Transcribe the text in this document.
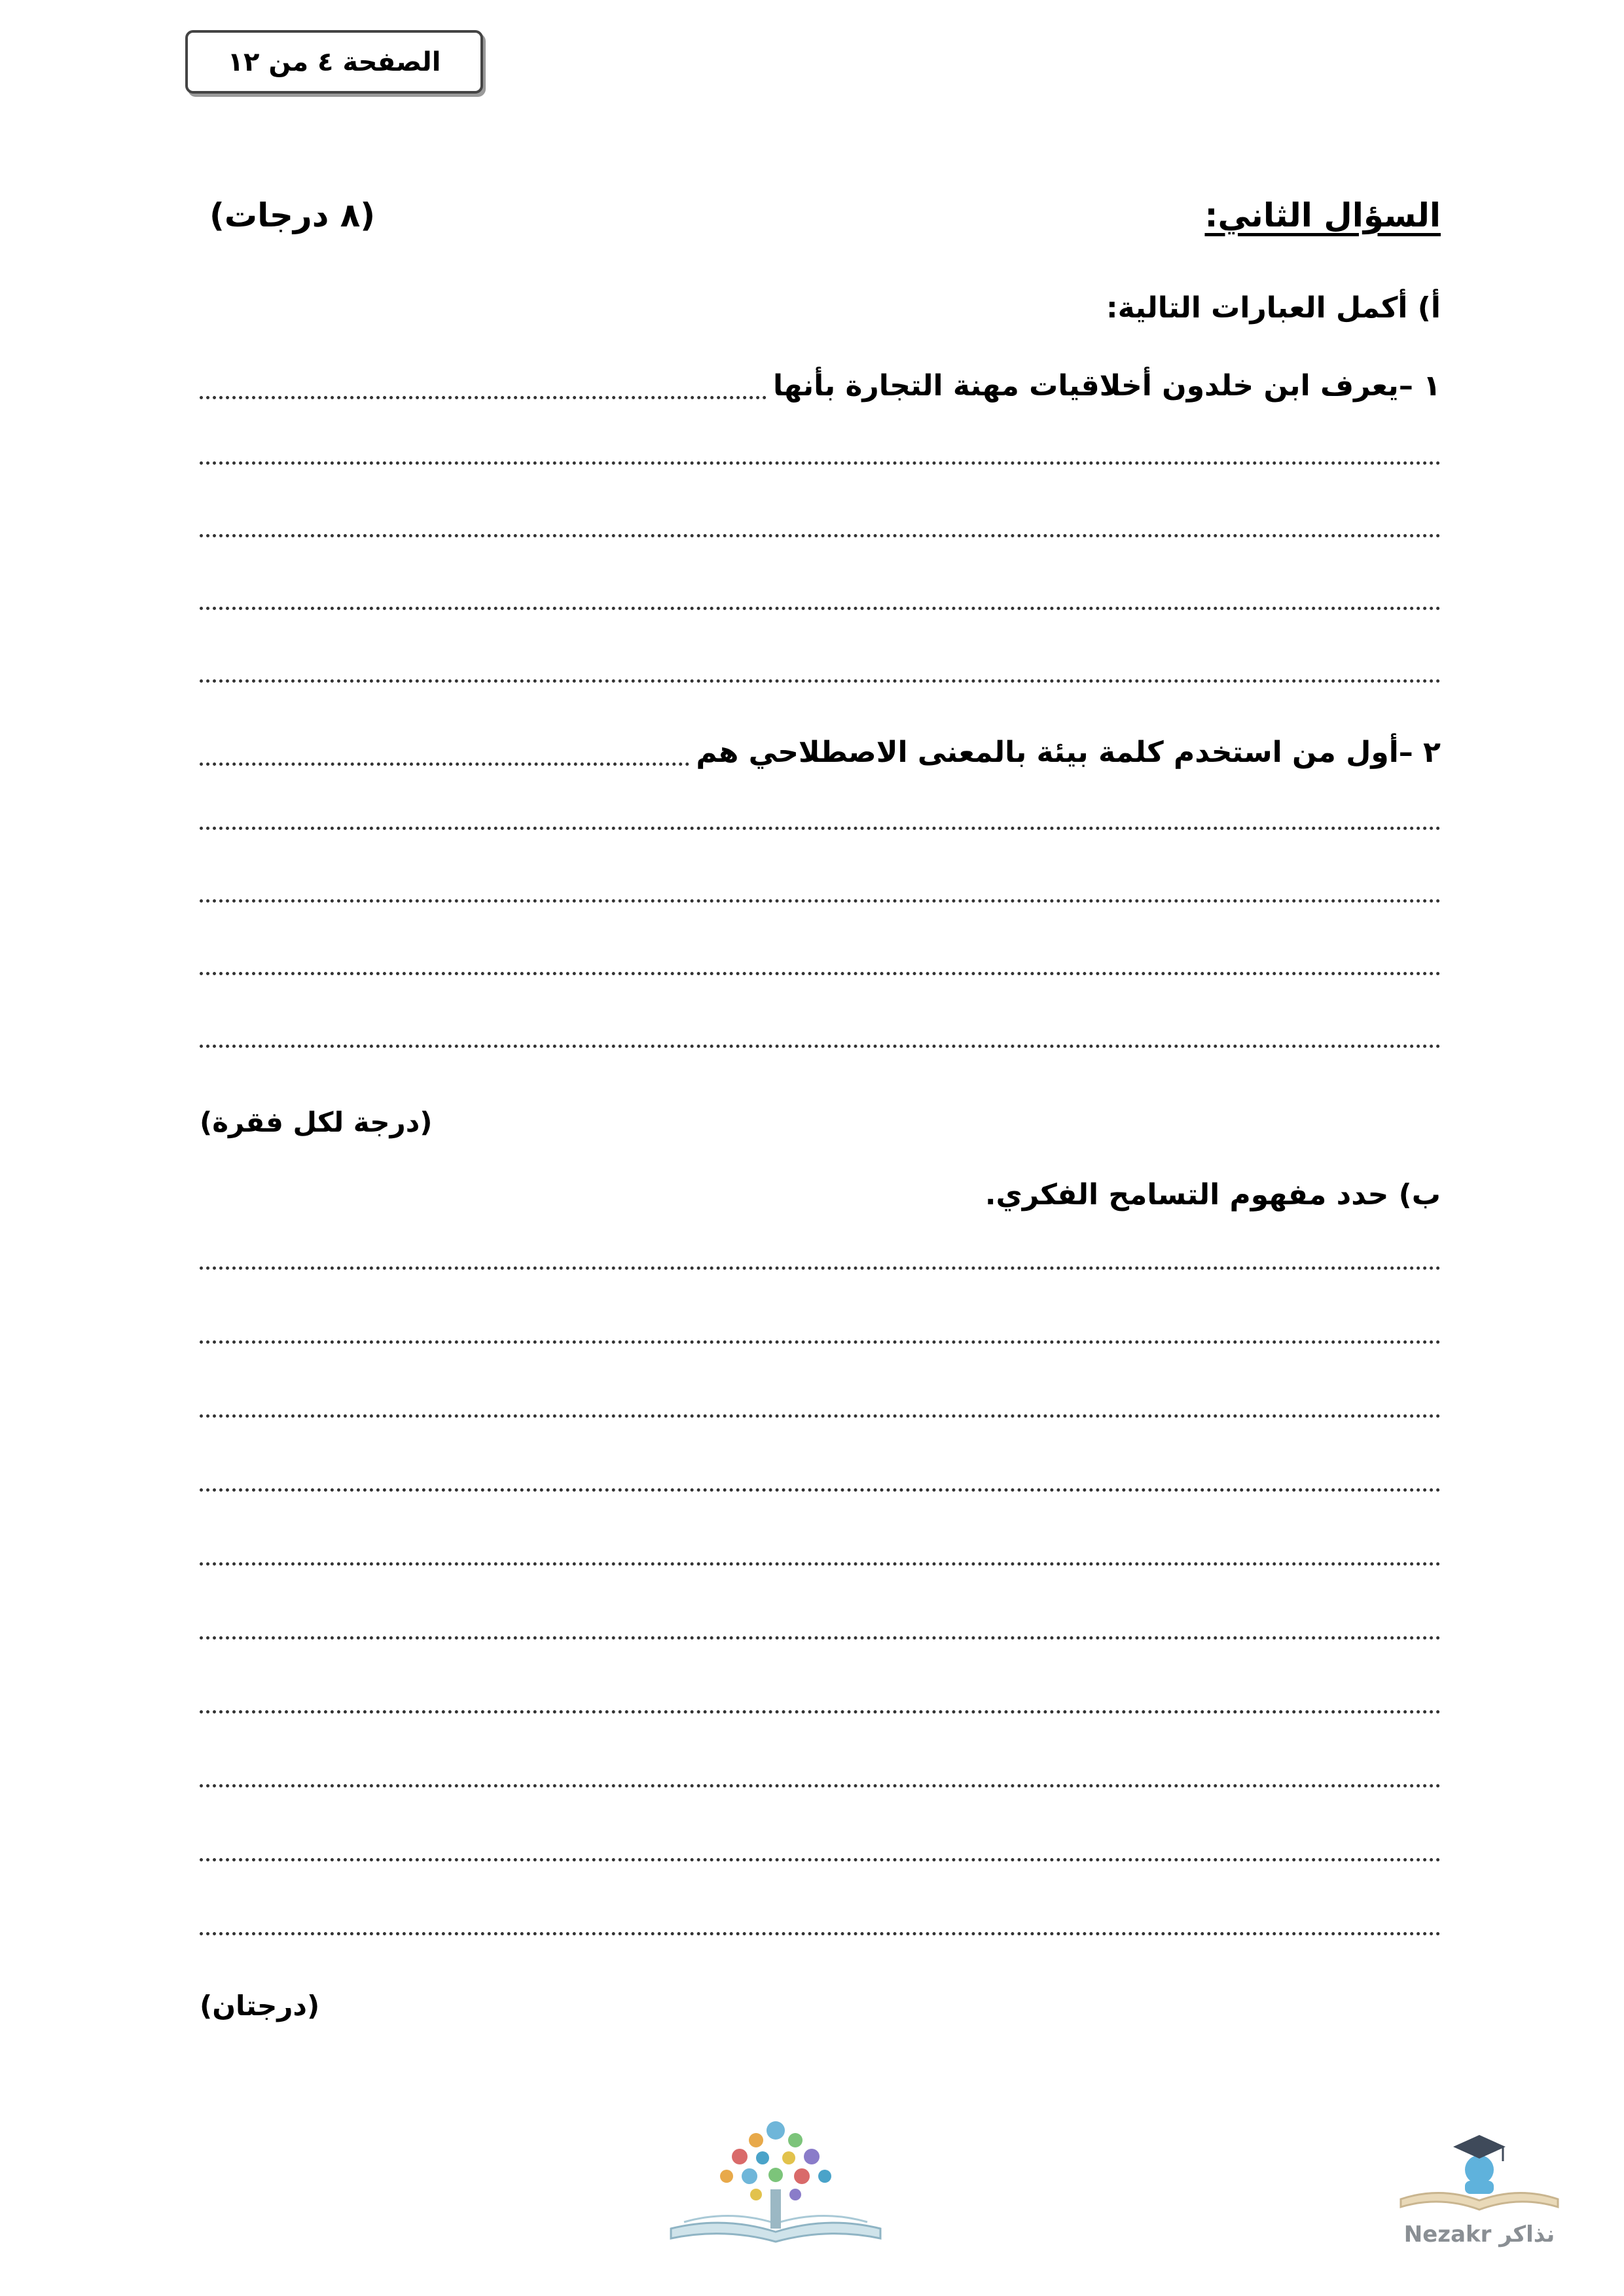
الصفحة ٤ من ١٢
السؤال الثاني:
(٨ درجات)
أ) أكمل العبارات التالية:
١ –يعرف ابن خلدون أخلاقيات مهنة التجارة بأنها
٢ –أول من استخدم كلمة بيئة بالمعنى الاصطلاحي هم
(درجة لكل فقرة)
ب) حدد مفهوم التسامح الفكري.
(درجتان)
Nezakr نذاكر
